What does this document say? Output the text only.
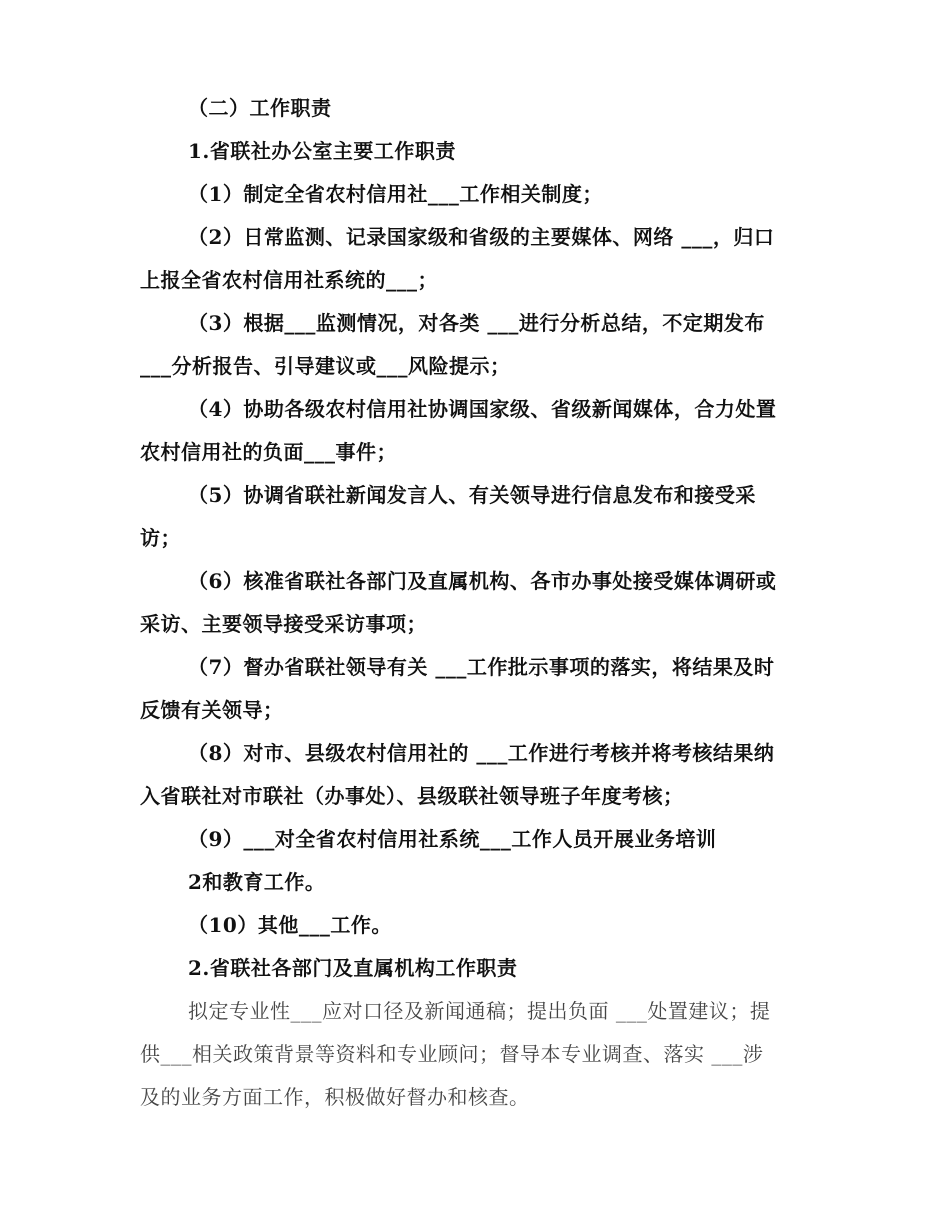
（二）工作职责
1.省联社办公室主要工作职责
（1）制定全省农村信用社___工作相关制度；
（2）日常监测、记录国家级和省级的主要媒体、网络 ___，归口
上报全省农村信用社系统的___；
（3）根据___监测情况，对各类 ___进行分析总结，不定期发布
___分析报告、引导建议或___风险提示；
（4）协助各级农村信用社协调国家级、省级新闻媒体，合力处置
农村信用社的负面___事件；
（5）协调省联社新闻发言人、有关领导进行信息发布和接受采
访；
（6）核准省联社各部门及直属机构、各市办事处接受媒体调研或
采访、主要领导接受采访事项；
（7）督办省联社领导有关 ___工作批示事项的落实，将结果及时
反馈有关领导；
（8）对市、县级农村信用社的 ___工作进行考核并将考核结果纳
入省联社对市联社（办事处）、县级联社领导班子年度考核；
（9）___对全省农村信用社系统___工作人员开展业务培训
2和教育工作。
（10）其他___工作。
2.省联社各部门及直属机构工作职责
拟定专业性___应对口径及新闻通稿；提出负面 ___处置建议；提
供___相关政策背景等资料和专业顾问；督导本专业调查、落实 ___涉
及的业务方面工作，积极做好督办和核查。
